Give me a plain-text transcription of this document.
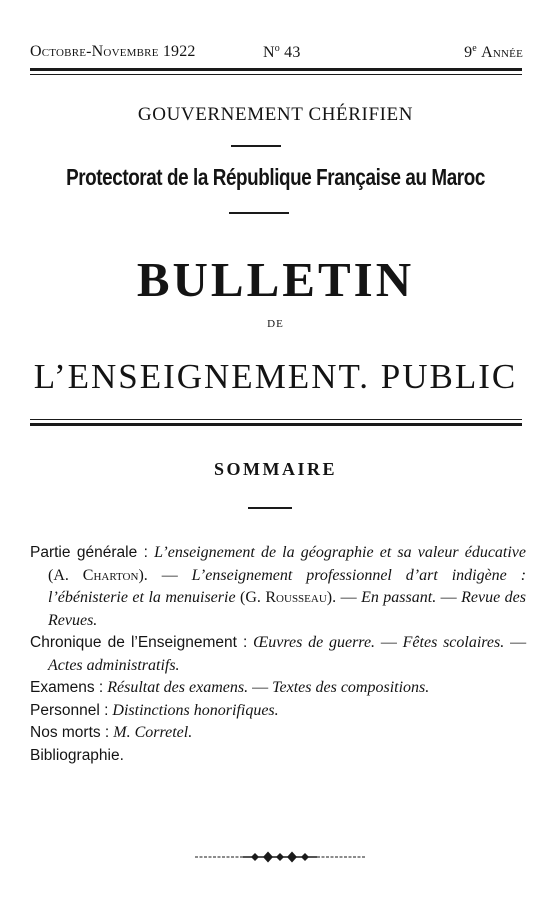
Octobre-Novembre 1922	$N^o$ 43	9e Année
GOUVERNEMENT CHÉRIFIEN
Protectorat de la République Française au Maroc
BULLETIN
DE
L’ENSEIGNEMENT. PUBLIC
SOMMAIRE
Partie générale : L’enseignement de la géographie et sa valeur éducative (A. Charton). — L’enseignement professionnel d’art indigène : l’ébénisterie et la menuiserie (G. Rousseau). — En passant. — Revue des Revues.
Chronique de l’Enseignement : Œuvres de guerre. — Fêtes scolaires. — Actes administratifs.
Examens : Résultat des examens. — Textes des compositions.
Personnel : Distinctions honorifiques.
Nos morts : M. Corretel.
Bibliographie.
